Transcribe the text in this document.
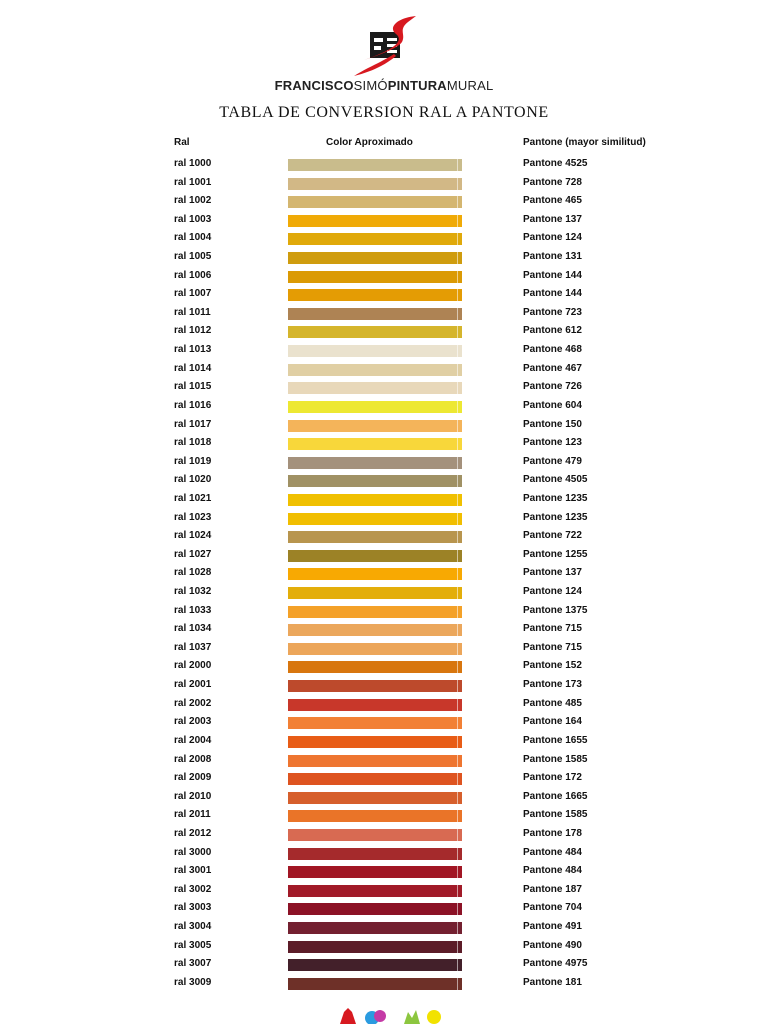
FRANCISCOSIMÓPINTURAMURAL
TABLA DE CONVERSION RAL A PANTONE
Ral	Color Aproximado	Pantone (mayor similitud)
ral 1000	Pantone 4525
ral 1001	Pantone 728
ral 1002	Pantone 465
ral 1003	Pantone 137
ral 1004	Pantone 124
ral 1005	Pantone 131
ral 1006	Pantone 144
ral 1007	Pantone 144
ral 1011	Pantone 723
ral 1012	Pantone 612
ral 1013	Pantone 468
ral 1014	Pantone 467
ral 1015	Pantone 726
ral 1016	Pantone 604
ral 1017	Pantone 150
ral 1018	Pantone 123
ral 1019	Pantone 479
ral 1020	Pantone 4505
ral 1021	Pantone 1235
ral 1023	Pantone 1235
ral 1024	Pantone 722
ral 1027	Pantone 1255
ral 1028	Pantone 137
ral 1032	Pantone 124
ral 1033	Pantone 1375
ral 1034	Pantone 715
ral 1037	Pantone 715
ral 2000	Pantone 152
ral 2001	Pantone 173
ral 2002	Pantone 485
ral 2003	Pantone 164
ral 2004	Pantone 1655
ral 2008	Pantone 1585
ral 2009	Pantone 172
ral 2010	Pantone 1665
ral 2011	Pantone 1585
ral 2012	Pantone 178
ral 3000	Pantone 484
ral 3001	Pantone 484
ral 3002	Pantone 187
ral 3003	Pantone 704
ral 3004	Pantone 491
ral 3005	Pantone 490
ral 3007	Pantone 4975
ral 3009	Pantone 181
